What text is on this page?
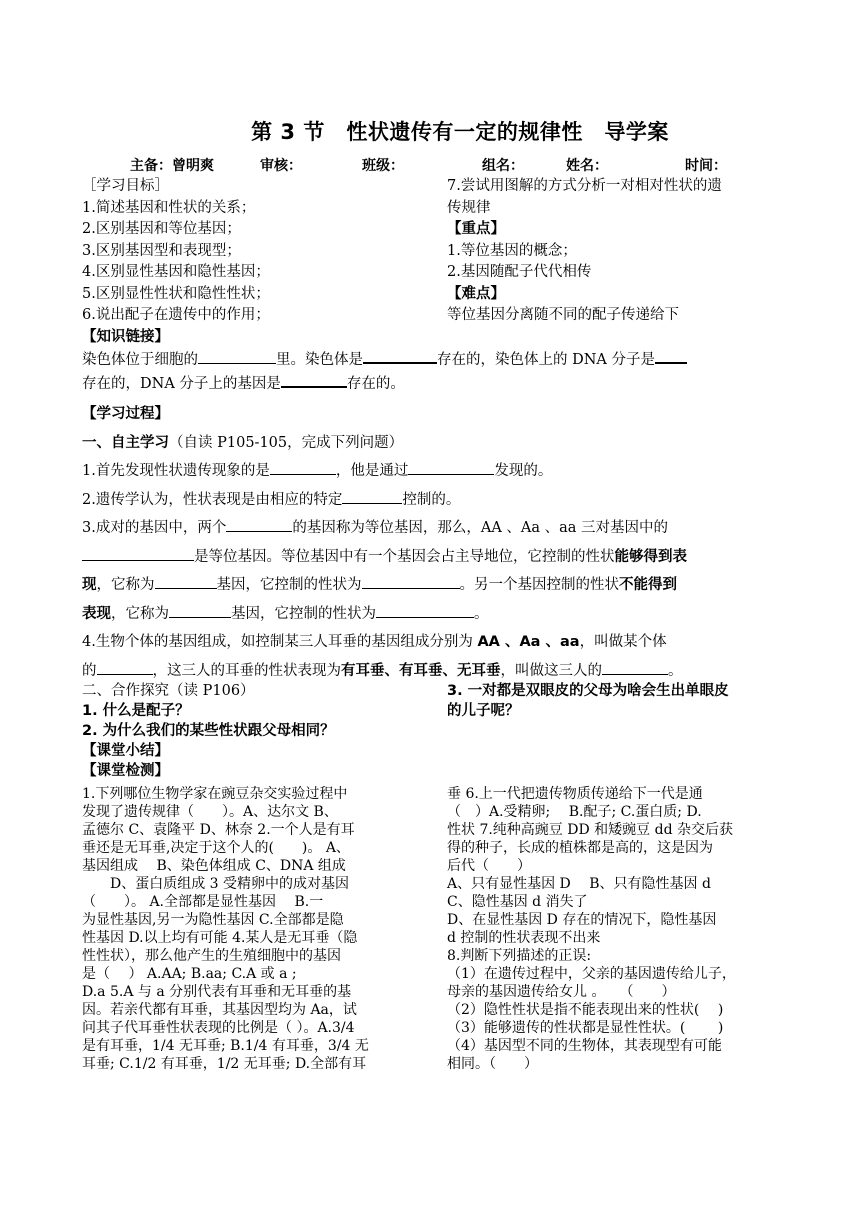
第 3 节　性状遗传有一定的规律性　导学案
主备：曾明爽	审核：	班级：	组名：	姓名：	时间：

［学习目标］

1.简述基因和性状的关系；

2.区别基因和等位基因；

3.区别基因型和表现型；

4.区别显性基因和隐性基因；

5.区别显性性状和隐性性状；

6.说出配子在遗传中的作用；

【知识链接】

7.尝试用图解的方式分析一对相对性状的遗

传规律

【重点】

1.等位基因的概念；

2.基因随配子代代相传

【难点】

等位基因分离随不同的配子传递给下

染色体位于细胞的	里。染色体是	存在的，染色体上的 DNA 分子是

存在的，DNA 分子上的基因是	存在的。

【学习过程】

一、自主学习（自读 P105-105，完成下列问题）

1.首先发现性状遗传现象的是	，他是通过	发现的。

2.遗传学认为，性状表现是由相应的特定	控制的。

3.成对的基因中，两个	的基因称为等位基因，那么，AA 、Aa 、aa 三对基因中的

是等位基因。等位基因中有一个基因会占主导地位，它控制的性状能够得到表

现，它称为	基因，它控制的性状为	。另一个基因控制的性状不能得到

表现，它称为	基因，它控制的性状为	。

4.生物个体的基因组成，如控制某三人耳垂的基因组成分别为 AA 、Aa 、aa，叫做某个体

的	，这三人的耳垂的性状表现为有耳垂、有耳垂、无耳垂，叫做这三人的	。

二、合作探究（读 P106）

1. 什么是配子？

2. 为什么我们的某些性状跟父母相同？

【课堂小结】

【课堂检测】

3. 一对都是双眼皮的父母为啥会生出单眼皮

的儿子呢？

1.下列哪位生物学家在豌豆杂交实验过程中

发现了遗传规律（　　）。A、达尔文 B、

孟德尔 C、袁隆平 D、林奈 2.一个人是有耳

垂还是无耳垂,决定于这个人的(　　)。 A、

基因组成　 B、染色体组成 C、DNA 组成

　　D、蛋白质组成 3 受精卵中的成对基因

（　　）。 A.全部都是显性基因　 B.一

为显性基因,另一为隐性基因 C.全部都是隐

性基因 D.以上均有可能 4.某人是无耳垂（隐

性性状），那么他产生的生殖细胞中的基因

是（　 ） A.AA; B.aa; C.A 或 a ;

D.a 5.A 与 a 分别代表有耳垂和无耳垂的基

因。若亲代都有耳垂，其基因型均为 Aa，试

问其子代耳垂性状表现的比例是（ ）。A.3/4

是有耳垂，1/4 无耳垂; B.1/4 有耳垂，3/4 无

耳垂; C.1/2 有耳垂，1/2 无耳垂; D.全部有耳

垂 6.上一代把遗传物质传递给下一代是通

（　）A.受精卵;　 B.配子; C.蛋白质; D.

性状 7.纯种高豌豆 DD 和矮豌豆 dd 杂交后获

得的种子，长成的植株都是高的，这是因为

后代（　　）

A、只有显性基因 D　 B、只有隐性基因 d

C、隐性基因 d 消失了

D、在显性基因 D 存在的情况下，隐性基因

d 控制的性状表现不出来

8.判断下列描述的正误:

（1）在遗传过程中，父亲的基因遗传给儿子，

母亲的基因遗传给女儿 。　　（　　）

（2）隐性性状是指不能表现出来的性状(　 )

（3）能够遗传的性状都是显性性状。(　　 )

（4）基因型不同的生物体，其表现型有可能

相同。（　　）
